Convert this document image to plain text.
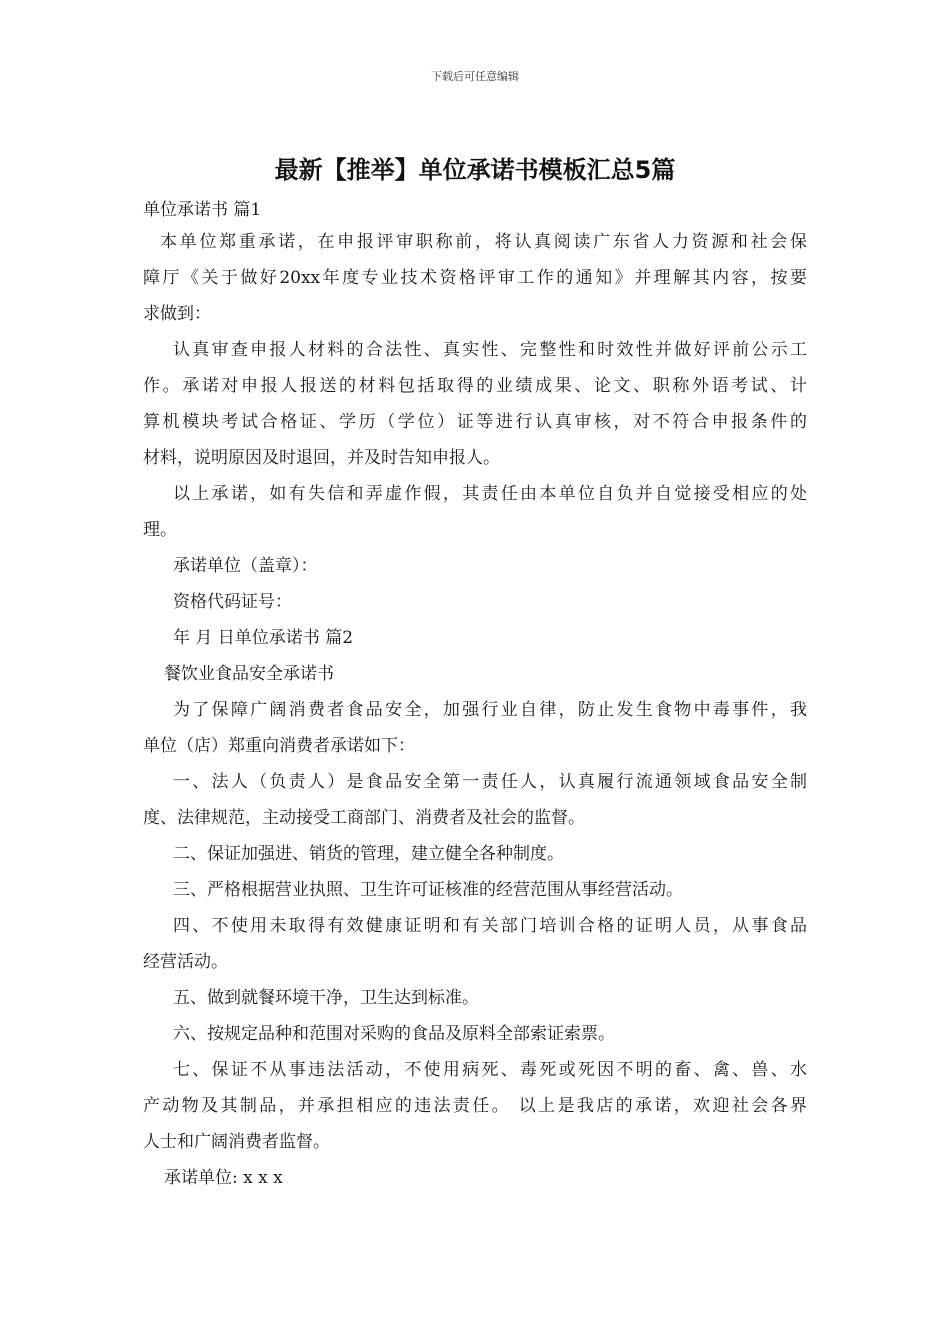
下载后可任意编辑
最新【推举】单位承诺书模板汇总5篇
单位承诺书 篇1
本单位郑重承诺，在申报评审职称前，将认真阅读广东省人力资源和社会保
障厅《关于做好20xx年度专业技术资格评审工作的通知》并理解其内容，按要
求做到：
认真审查申报人材料的合法性、真实性、完整性和时效性并做好评前公示工
作。承诺对申报人报送的材料包括取得的业绩成果、论文、职称外语考试、计
算机模块考试合格证、学历（学位）证等进行认真审核，对不符合申报条件的
材料，说明原因及时退回，并及时告知申报人。
以上承诺，如有失信和弄虚作假，其责任由本单位自负并自觉接受相应的处
理。
承诺单位（盖章）：
资格代码证号：
年 月 日单位承诺书 篇2
餐饮业食品安全承诺书
为了保障广阔消费者食品安全，加强行业自律，防止发生食物中毒事件，我
单位（店）郑重向消费者承诺如下：
一、法人（负责人）是食品安全第一责任人，认真履行流通领域食品安全制
度、法律规范，主动接受工商部门、消费者及社会的监督。
二、保证加强进、销货的管理，建立健全各种制度。
三、严格根据营业执照、卫生许可证核准的经营范围从事经营活动。
四、不使用未取得有效健康证明和有关部门培训合格的证明人员，从事食品
经营活动。
五、做到就餐环境干净，卫生达到标准。
六、按规定品种和范围对采购的食品及原料全部索证索票。
七、保证不从事违法活动，不使用病死、毒死或死因不明的畜、禽、兽、水
产动物及其制品，并承担相应的违法责任。 以上是我店的承诺，欢迎社会各界
人士和广阔消费者监督。
承诺单位: x x x
